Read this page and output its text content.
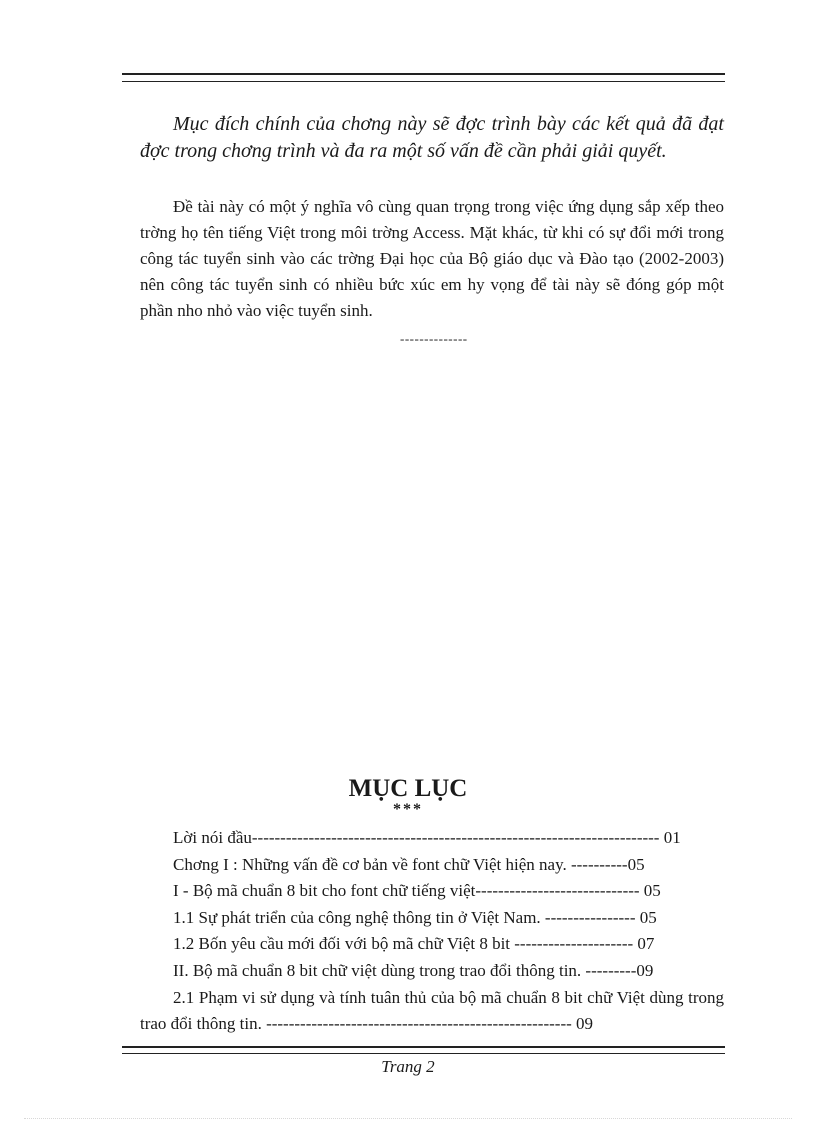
Mục đích chính của chơng này sẽ đợc trình bày các kết quả đã đạt đợc trong chơng trình và đa ra một số vấn đề cần phải giải quyết.

Đề tài này có một ý nghĩa vô cùng quan trọng trong việc ứng dụng sắp xếp theo trờng họ tên tiếng Việt trong môi trờng Access. Mặt khác, từ khi có sự đổi mới trong công tác tuyển sinh vào các trờng Đại học của Bộ giáo dục và Đào tạo (2002-2003) nên công tác tuyển sinh có nhiều bức xúc em hy vọng để tài này sẽ đóng góp một phần nho nhỏ vào việc tuyển sinh.

--------------
MỤC LỤC
***
Lời nói đầu------------------------------------------------------------------------ 01
Chơng I : Những vấn đề cơ bản về font chữ Việt hiện nay. ----------05
I - Bộ mã chuẩn 8 bit cho font chữ tiếng việt----------------------------- 05
1.1 Sự phát triển của công nghệ thông tin ở Việt Nam. ---------------- 05
1.2 Bốn yêu cầu mới đối với bộ mã chữ Việt 8 bit --------------------- 07
II. Bộ mã chuẩn 8 bit chữ việt dùng trong trao đổi thông tin. ---------09
2.1 Phạm vi sử dụng và tính tuân thủ của bộ mã chuẩn 8 bit chữ Việt dùng trong trao đổi thông tin. ------------------------------------------------------ 09
Trang 2
